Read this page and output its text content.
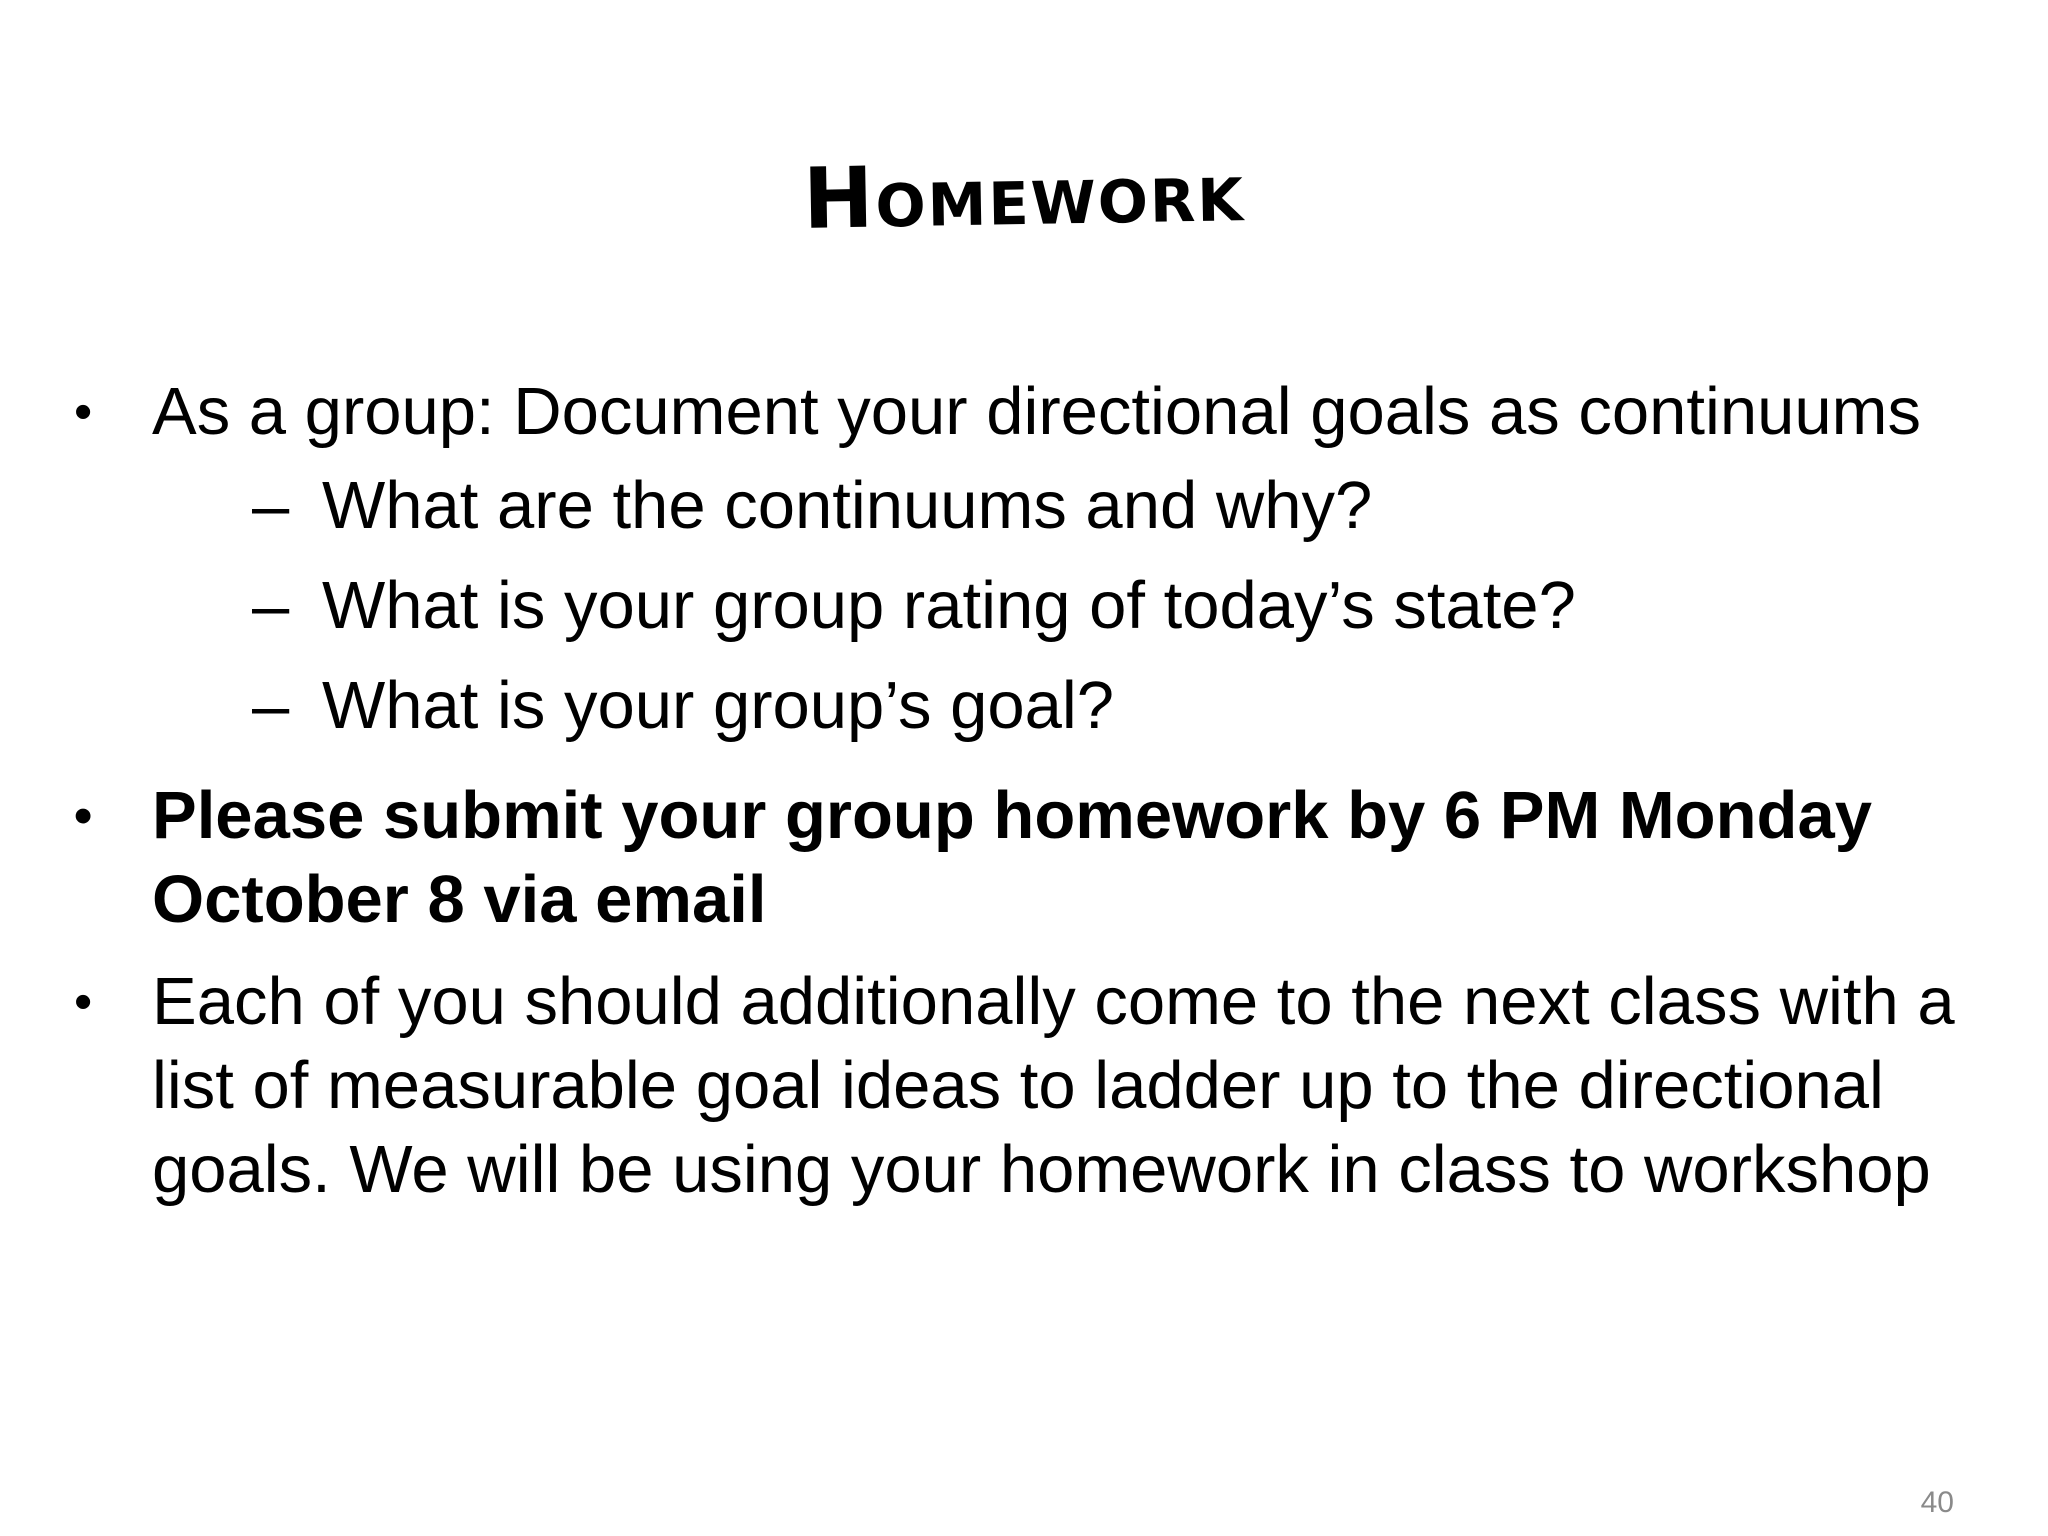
Homework
• As a group: Document your directional goals as continuums
– What are the continuums and why?
– What is your group rating of today’s state?
– What is your group’s goal?
• Please submit your group homework by 6 PM Monday October 8 via email
• Each of you should additionally come to the next class with a list of measurable goal ideas to ladder up to the directional goals. We will be using your homework in class to workshop
40
